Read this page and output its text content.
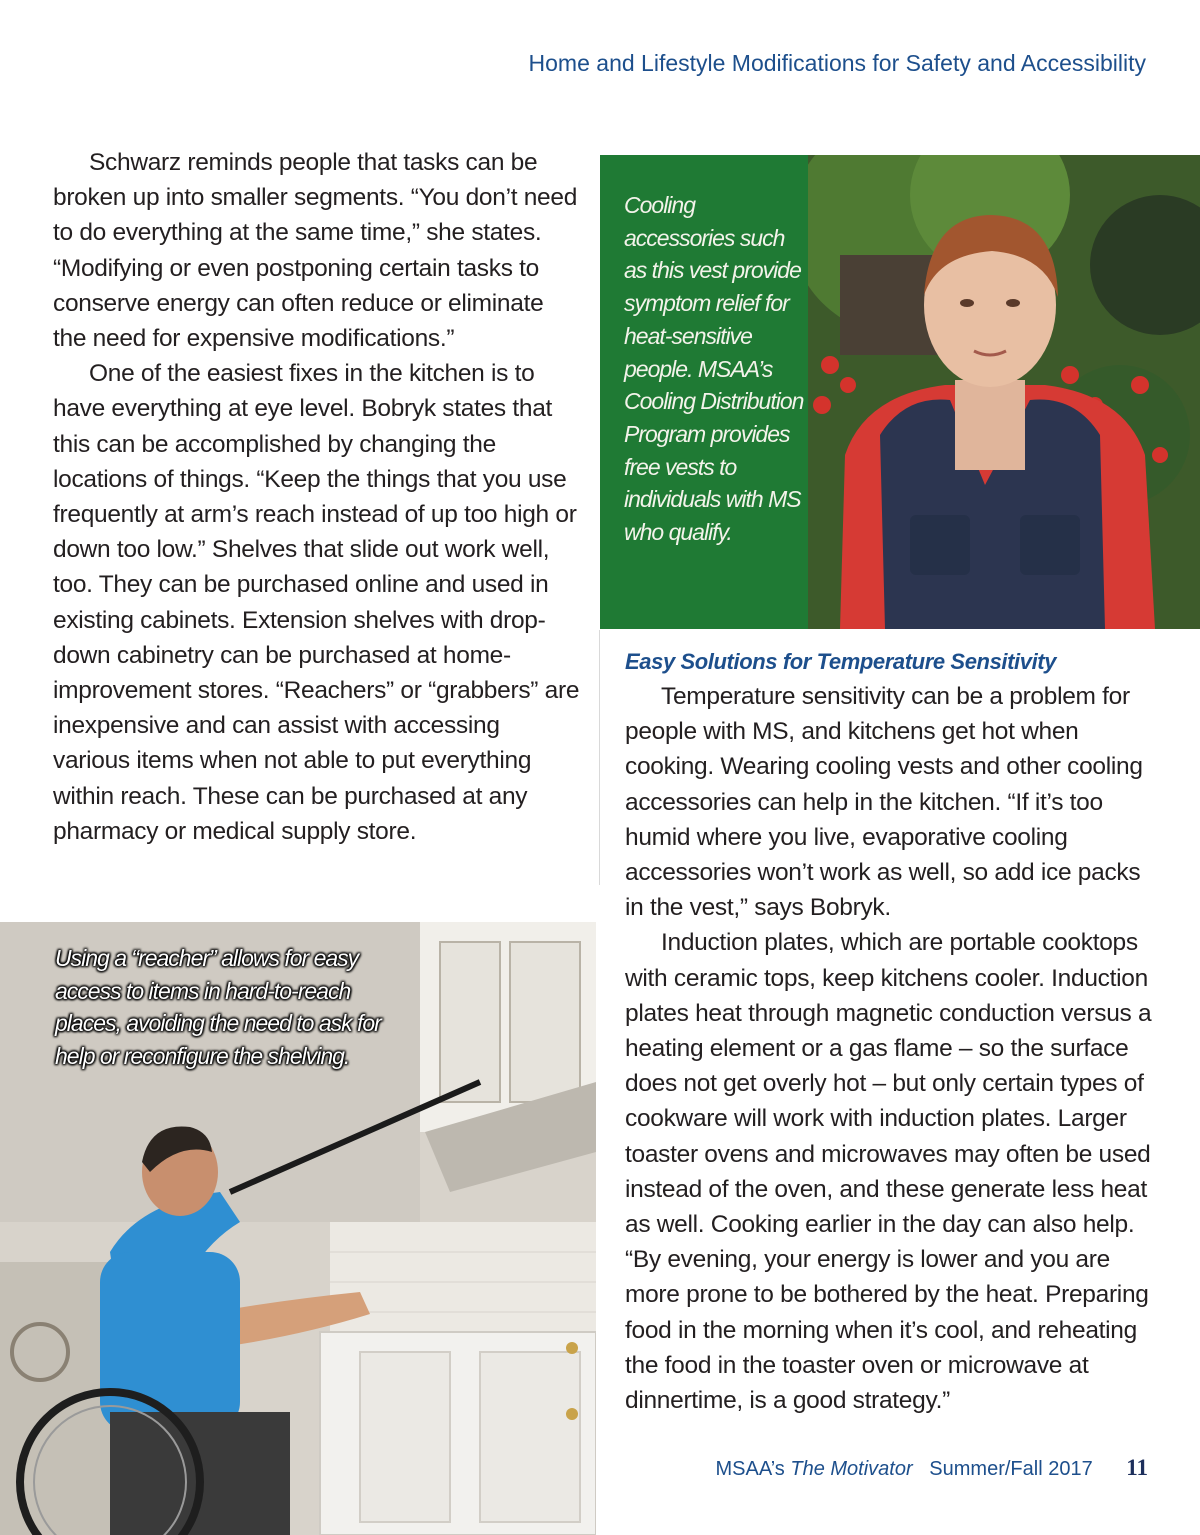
Home and Lifestyle Modifications for Safety and Accessibility

Schwarz reminds people that tasks can be broken up into smaller segments. “You don’t need to do everything at the same time,” she states. “Modifying or even postponing certain tasks to conserve energy can often reduce or eliminate the need for expensive modifications.”

One of the easiest fixes in the kitchen is to have everything at eye level. Bobryk states that this can be accomplished by changing the locations of things. “Keep the things that you use frequently at arm’s reach instead of up too high or down too low.” Shelves that slide out work well, too. They can be purchased online and used in existing cabinets. Extension shelves with drop-down cabinetry can be purchased at home-improvement stores. “Reachers” or “grabbers” are inexpensive and can assist with accessing various items when not able to put everything within reach. These can be purchased at any pharmacy or medical supply store.

Cooling accessories such as this vest provide symptom relief for heat-sensitive people. MSAA’s Cooling Distribution Program provides free vests to individuals with MS who qualify.
Easy Solutions for Temperature Sensitivity

Temperature sensitivity can be a problem for people with MS, and kitchens get hot when cooking. Wearing cooling vests and other cooling accessories can help in the kitchen. “If it’s too humid where you live, evaporative cooling accessories won’t work as well, so add ice packs in the vest,” says Bobryk.

Induction plates, which are portable cooktops with ceramic tops, keep kitchens cooler. Induction plates heat through magnetic conduction versus a heating element or a gas flame – so the surface does not get overly hot – but only certain types of cookware will work with induction plates. Larger toaster ovens and microwaves may often be used instead of the oven, and these generate less heat as well. Cooking earlier in the day can also help. “By evening, your energy is lower and you are more prone to be bothered by the heat. Preparing food in the morning when it’s cool, and reheating the food in the toaster oven or microwave at dinnertime, is a good strategy.”

Using a “reacher” allows for easy access to items in hard-to-reach places, avoiding the need to ask for help or reconfigure the shelving.
MSAA’s The Motivator Summer/Fall 2017 11
